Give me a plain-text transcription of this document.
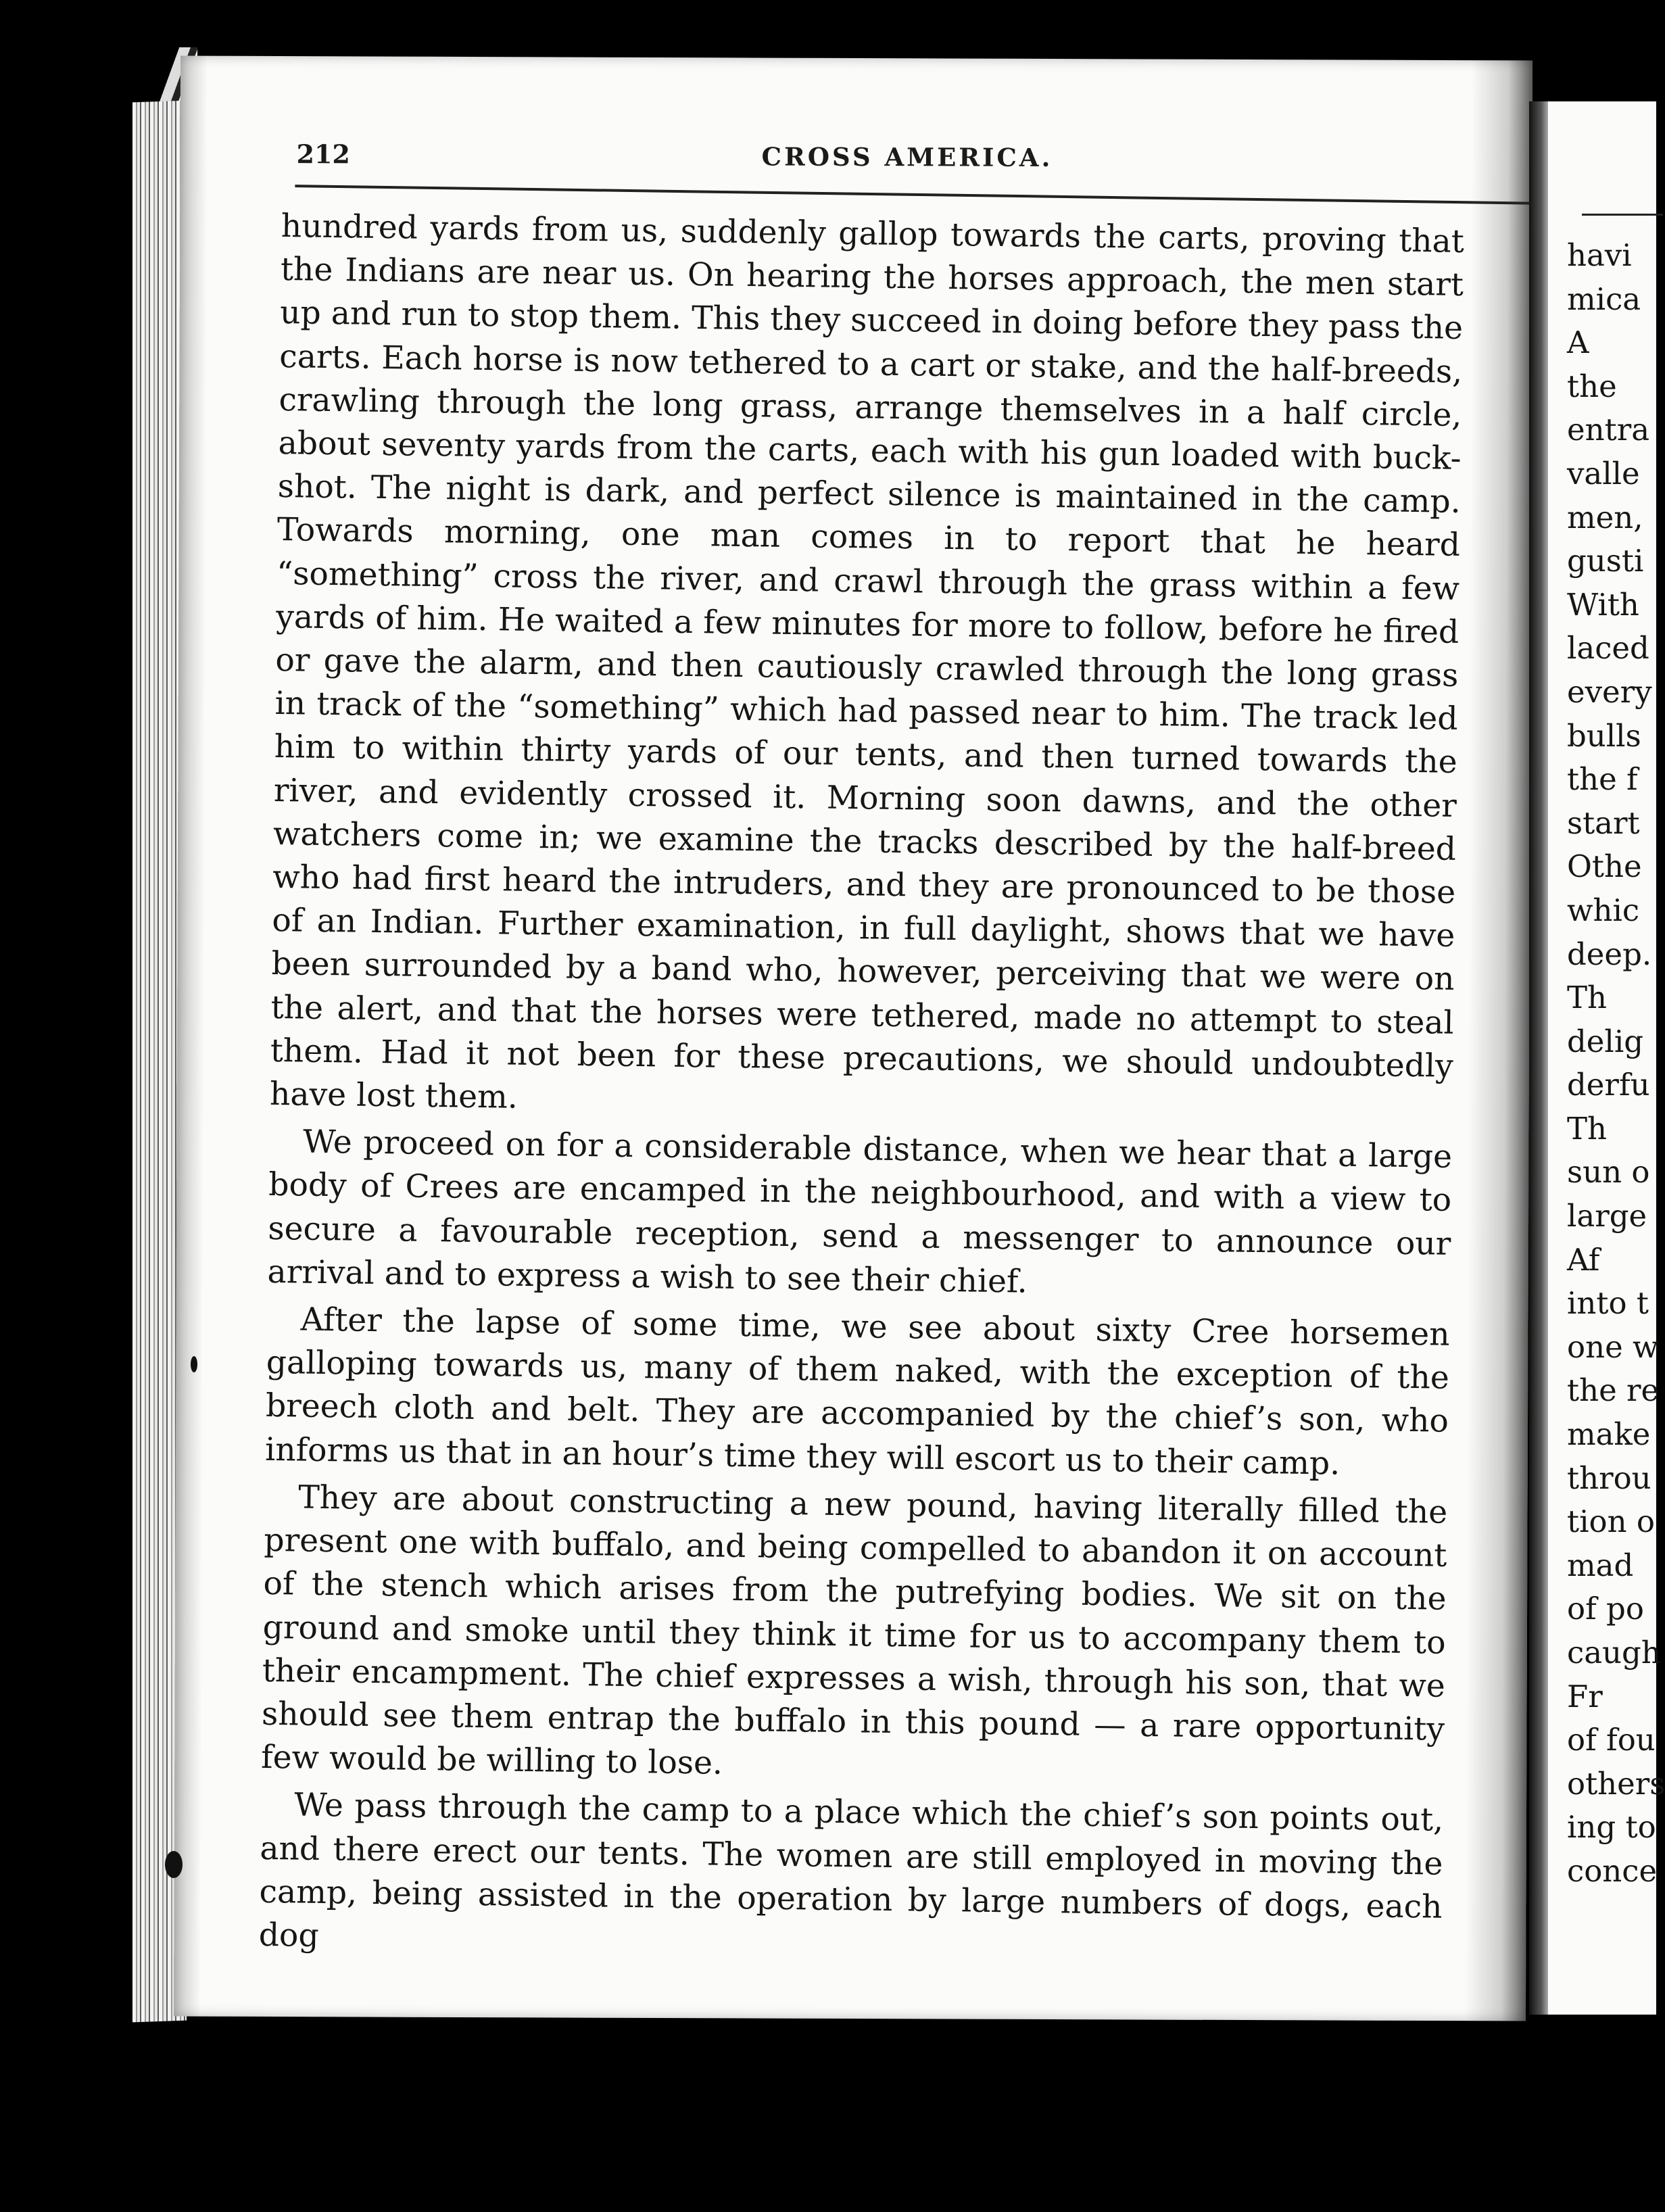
212	CROSS AMERICA.

hundred yards from us, suddenly gallop towards the carts, proving that the Indians are near us. On hearing the horses approach, the men start up and run to stop them. This they succeed in doing before they pass the carts. Each horse is now tethered to a cart or stake, and the half-breeds, crawling through the long grass, arrange themselves in a half circle, about seventy yards from the carts, each with his gun loaded with buck-shot. The night is dark, and perfect silence is maintained in the camp. Towards morning, one man comes in to report that he heard “something” cross the river, and crawl through the grass within a few yards of him. He waited a few minutes for more to follow, before he fired or gave the alarm, and then cautiously crawled through the long grass in track of the “something” which had passed near to him. The track led him to within thirty yards of our tents, and then turned towards the river, and evidently crossed it. Morning soon dawns, and the other watchers come in; we examine the tracks described by the half-breed who had first heard the intruders, and they are pronounced to be those of an Indian. Further examination, in full daylight, shows that we have been surrounded by a band who, however, perceiving that we were on the alert, and that the horses were tethered, made no attempt to steal them. Had it not been for these precautions, we should undoubtedly have lost them.

We proceed on for a considerable distance, when we hear that a large body of Crees are encamped in the neighbourhood, and with a view to secure a favourable reception, send a messenger to announce our arrival and to express a wish to see their chief.

After the lapse of some time, we see about sixty Cree horsemen galloping towards us, many of them naked, with the exception of the breech cloth and belt. They are accompanied by the chief’s son, who informs us that in an hour’s time they will escort us to their camp.

They are about constructing a new pound, having literally filled the present one with buffalo, and being compelled to abandon it on account of the stench which arises from the putrefying bodies. We sit on the ground and smoke until they think it time for us to accompany them to their encampment. The chief expresses a wish, through his son, that we should see them entrap the buffalo in this pound — a rare opportunity few would be willing to lose.

We pass through the camp to a place which the chief’s son points out, and there erect our tents. The women are still employed in moving the camp, being assisted in the operation by large numbers of dogs, each dog

havi
mica
A
the
entra
valle
men,
gusti
With
laced
every
bulls
the f
start
Othe
whic
deep.
Th
delig
derfu
Th
sun o
large
Af
into t
one w
the re
make
throu
tion o
mad
of po
caugh
Fr
of fou
others
ing to
conce
